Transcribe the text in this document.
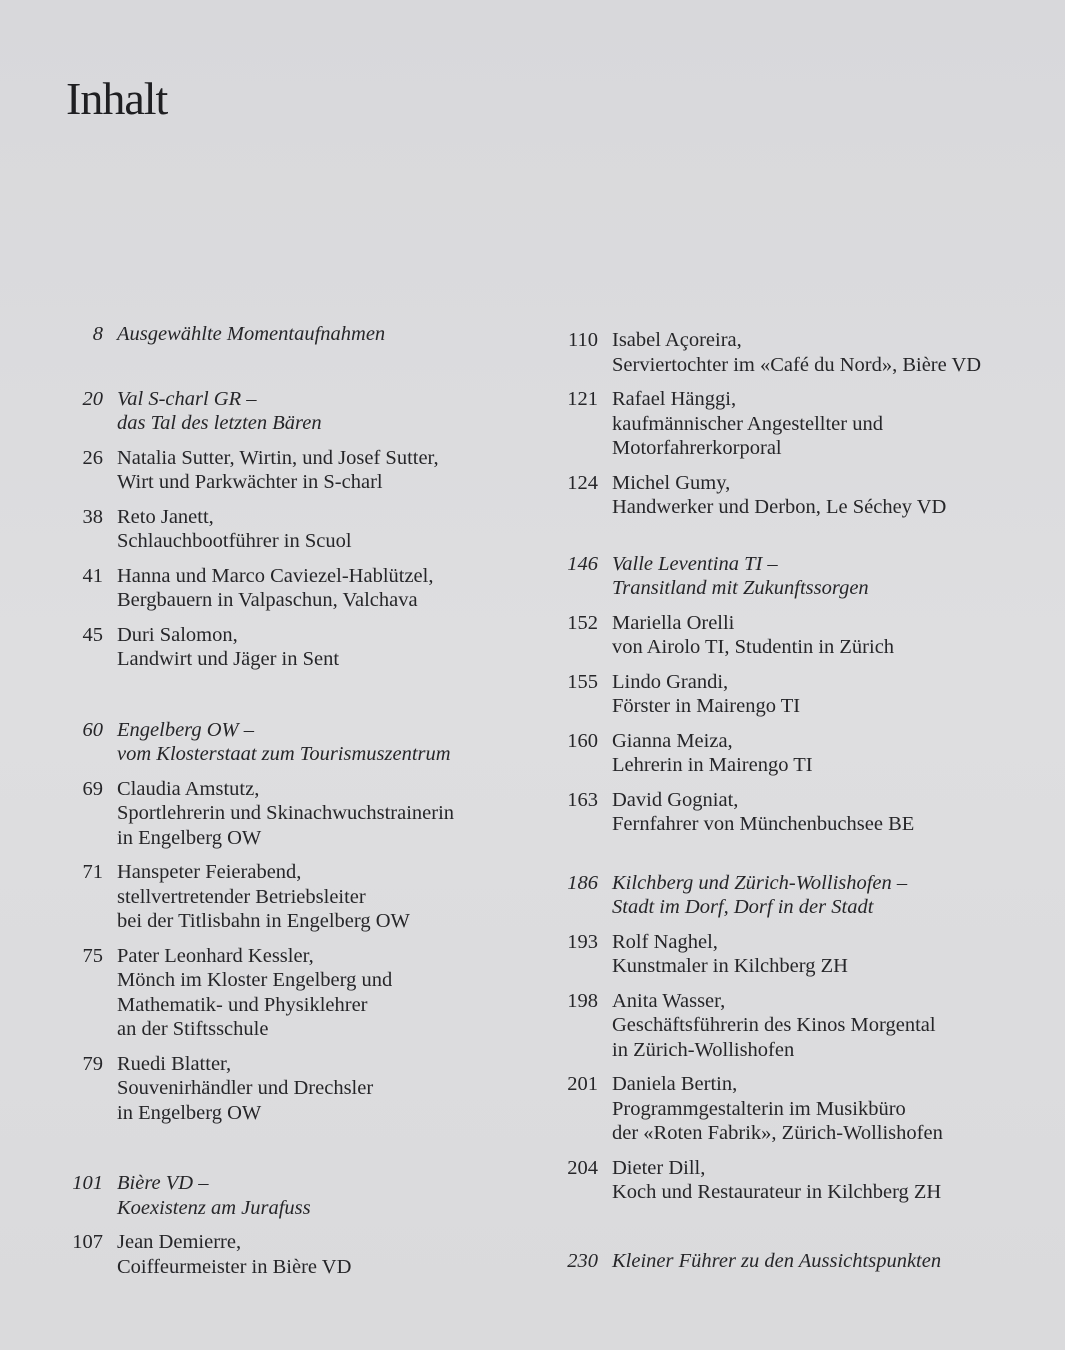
Inhalt
8 Ausgewählte Momentaufnahmen
20 Val S-charl GR –
das Tal des letzten Bären
26 Natalia Sutter, Wirtin, und Josef Sutter,
Wirt und Parkwächter in S-charl
38 Reto Janett,
Schlauchbootführer in Scuol
41 Hanna und Marco Caviezel-Hablützel,
Bergbauern in Valpaschun, Valchava
45 Duri Salomon,
Landwirt und Jäger in Sent
60 Engelberg OW –
vom Klosterstaat zum Tourismuszentrum
69 Claudia Amstutz,
Sportlehrerin und Skinachwuchstrainerin
in Engelberg OW
71 Hanspeter Feierabend,
stellvertretender Betriebsleiter
bei der Titlisbahn in Engelberg OW
75 Pater Leonhard Kessler,
Mönch im Kloster Engelberg und
Mathematik- und Physiklehrer
an der Stiftsschule
79 Ruedi Blatter,
Souvenirhändler und Drechsler
in Engelberg OW
101 Bière VD –
Koexistenz am Jurafuss
107 Jean Demierre,
Coiffeurmeister in Bière VD
110 Isabel Açoreira,
Serviertochter im «Café du Nord», Bière VD
121 Rafael Hänggi,
kaufmännischer Angestellter und
Motorfahrerkorporal
124 Michel Gumy,
Handwerker und Derbon, Le Séchey VD
146 Valle Leventina TI –
Transitland mit Zukunftssorgen
152 Mariella Orelli
von Airolo TI, Studentin in Zürich
155 Lindo Grandi,
Förster in Mairengo TI
160 Gianna Meiza,
Lehrerin in Mairengo TI
163 David Gogniat,
Fernfahrer von Münchenbuchsee BE
186 Kilchberg und Zürich-Wollishofen –
Stadt im Dorf, Dorf in der Stadt
193 Rolf Naghel,
Kunstmaler in Kilchberg ZH
198 Anita Wasser,
Geschäftsführerin des Kinos Morgental
in Zürich-Wollishofen
201 Daniela Bertin,
Programmgestalterin im Musikbüro
der «Roten Fabrik», Zürich-Wollishofen
204 Dieter Dill,
Koch und Restaurateur in Kilchberg ZH
230 Kleiner Führer zu den Aussichtspunkten
